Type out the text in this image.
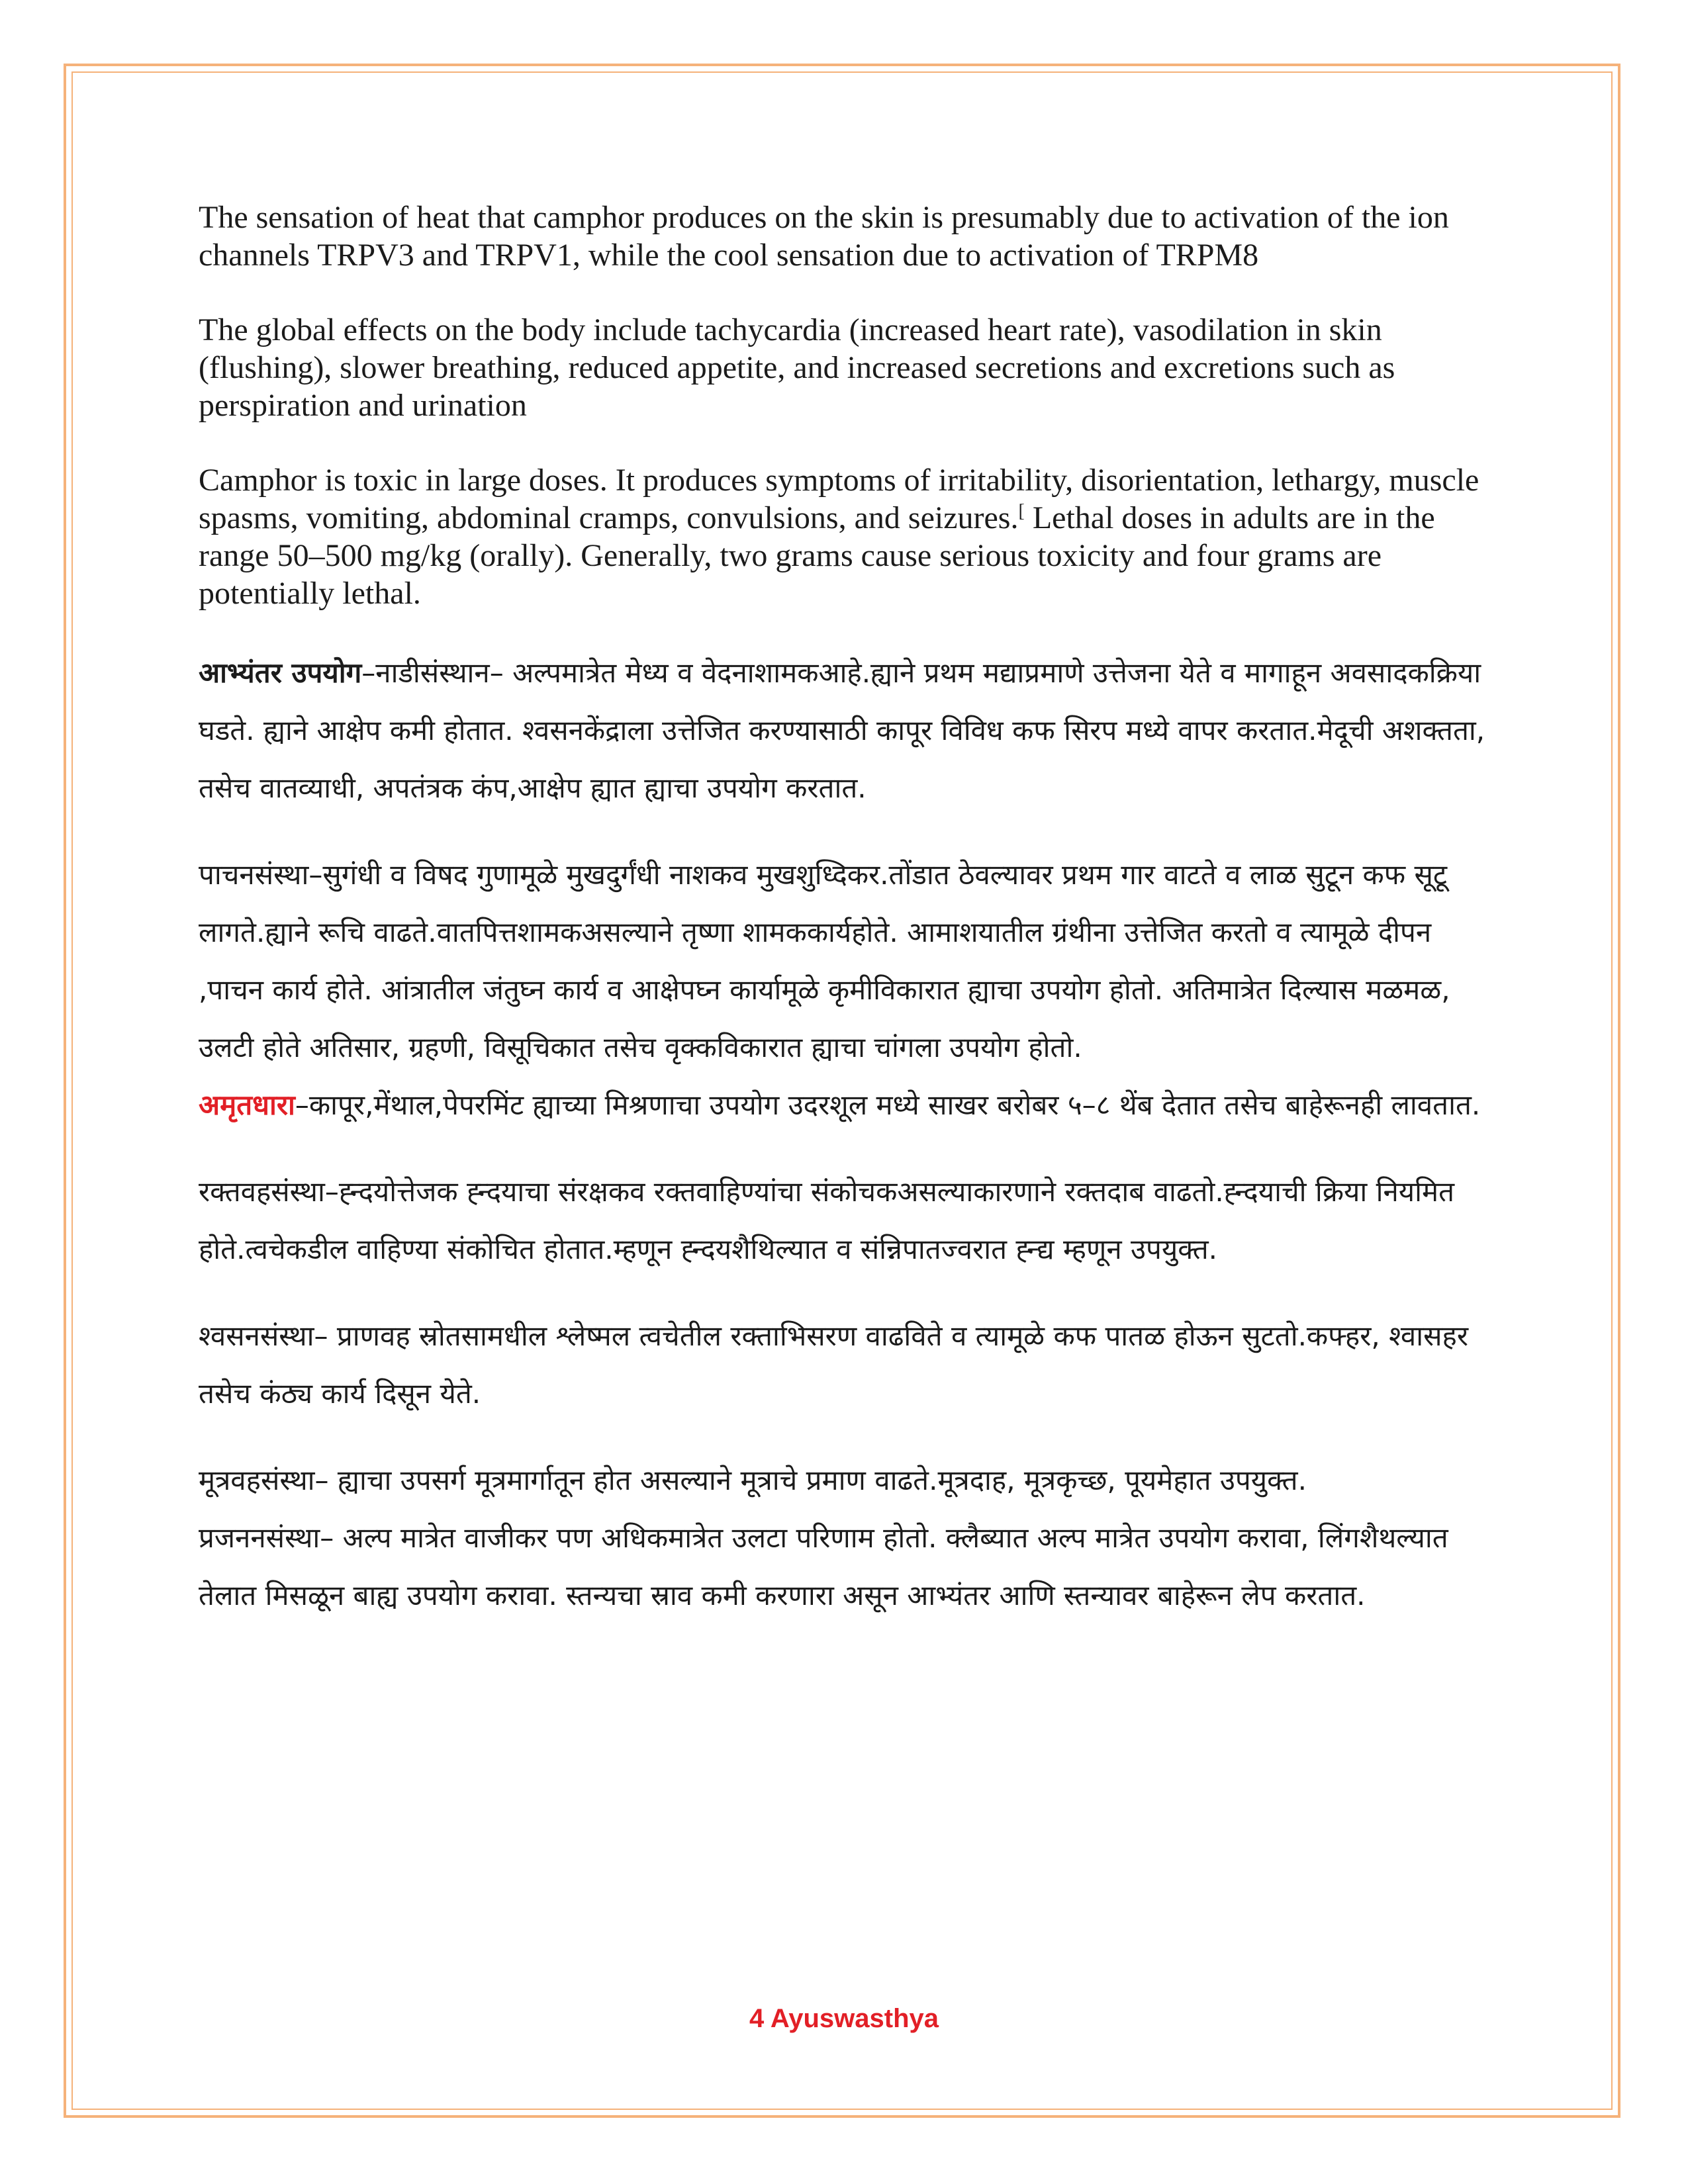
The sensation of heat that camphor produces on the skin is presumably due to activation of the ion channels TRPV3 and TRPV1, while the cool sensation due to activation of TRPM8

The global effects on the body include tachycardia (increased heart rate), vasodilation in skin (flushing), slower breathing, reduced appetite, and increased secretions and excretions such as perspiration and urination

Camphor is toxic in large doses. It produces symptoms of irritability, disorientation, lethargy, muscle spasms, vomiting, abdominal cramps, convulsions, and seizures.[ Lethal doses in adults are in the range 50–500 mg/kg (orally). Generally, two grams cause serious toxicity and four grams are potentially lethal.

आभ्यंतर उपयोग–नाडीसंस्थान– अल्पमात्रेत मेध्य व वेदनाशामकआहे.ह्याने प्रथम मद्याप्रमाणे उत्तेजना येते व मागाहून अवसादकक्रिया घडते. ह्याने आक्षेप कमी होतात. श्वसनकेंद्राला उत्तेजित करण्यासाठी कापूर विविध कफ सिरप मध्ये वापर करतात.मेदूची अशक्तता, तसेच वातव्याधी, अपतंत्रक कंप,आक्षेप ह्यात ह्याचा उपयोग करतात.

पाचनसंस्था–सुगंधी व विषद गुणामूळे मुखदुर्गंधी नाशकव मुखशुध्दिकर.तोंडात ठेवल्यावर प्रथम गार वाटते व लाळ सुटून कफ सूटू लागते.ह्याने रूचि वाढते.वातपित्तशामकअसल्याने तृष्णा शामककार्यहोते. आमाशयातील ग्रंथीना उत्तेजित करतो व त्यामूळे दीपन ,पाचन कार्य होते. आंत्रातील जंतुघ्न कार्य व आक्षेपघ्न कार्यामूळे कृमीविकारात ह्याचा उपयोग होतो. अतिमात्रेत दिल्यास मळमळ, उलटी होते अतिसार, ग्रहणी, विसूचिकात तसेच वृक्कविकारात ह्याचा चांगला उपयोग होतो.

अमृतधारा–कापूर,मेंथाल,पेपरमिंट ह्याच्या मिश्रणाचा उपयोग उदरशूल मध्ये साखर बरोबर ५–८ थेंब देतात तसेच बाहेरूनही लावतात.

रक्तवहसंस्था–ह्न्दयोत्तेजक ह्न्दयाचा संरक्षकव रक्तवाहिण्यांचा संकोचकअसल्याकारणाने रक्तदाब वाढतो.ह्न्दयाची क्रिया नियमित होते.त्वचेकडील वाहिण्या संकोचित होतात.म्हणून ह्न्दयशैथिल्यात व संन्निपातज्वरात ह्न्द्य म्हणून उपयुक्त.

श्वसनसंस्था– प्राणवह स्रोतसामधील श्लेष्मल त्वचेतील रक्ताभिसरण वाढविते व त्यामूळे कफ पातळ होऊन सुटतो.कफ्हर, श्वासहर तसेच कंठ्य कार्य दिसून येते.

मूत्रवहसंस्था– ह्याचा उपसर्ग मूत्रमार्गातून होत असल्याने मूत्राचे प्रमाण वाढते.मूत्रदाह, मूत्रकृच्छ, पूयमेहात उपयुक्त.

प्रजननसंस्था– अल्प मात्रेत वाजीकर पण अधिकमात्रेत उलटा परिणाम होतो. क्लैब्यात अल्प मात्रेत उपयोग करावा, लिंगशैथल्यात तेलात मिसळून बाह्य उपयोग करावा. स्तन्यचा स्राव कमी करणारा असून आभ्यंतर आणि स्तन्यावर बाहेरून लेप करतात.

4 Ayuswasthya
